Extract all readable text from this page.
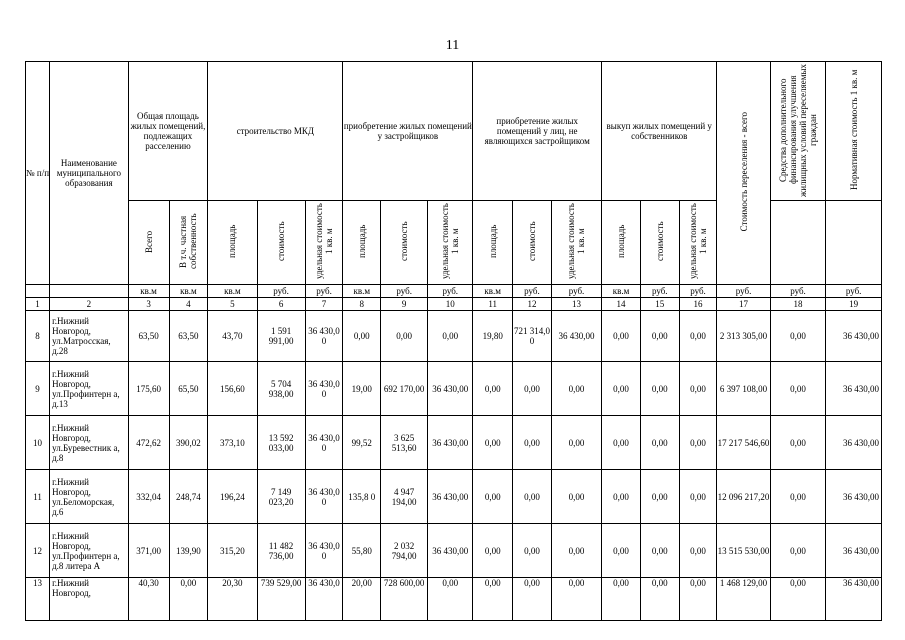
11
№ п/п	Наименование муниципального образования	Общая площадь жилых помещений, подлежащих расселению		строительство МКД			приобретение жилых помещений у застройщиков			приобретение жилых помещений у лиц, не являющихся застройщиком			выкуп жилых помещений у собственников			Стоимость переселения - всего	Средства дополнительного финансирования улучшения жилищных условий переселяемых граждан	Нормативная стоимость 1 кв. м
		Всего	В т.ч. частная собственность	площадь	стоимость	удельная стоимость 1 кв. м	площадь	стоимость	удельная стоимость 1 кв. м	площадь	стоимость	удельная стоимость 1 кв. м	площадь	стоимость	удельная стоимость 1 кв. м			
		кв.м	кв.м	кв.м	руб.	руб.	кв.м	руб.	руб.	кв.м	руб.	руб.	кв.м	руб.	руб.	руб.	руб.	руб.
1	2	3	4	5	6	7	8	9	10	11	12	13	14	15	16	17	18	19
8	г.Нижний Новгород, ул.Матросская, д.28	63,50	63,50	43,70	1 591 991,00	36 430,0 0	0,00	0,00	0,00	19,80	721 314,0 0	36 430,00	0,00	0,00	0,00	2 313 305,00	0,00	36 430,00
9	г.Нижний Новгород, ул.Профинтерн а, д.13	175,60	65,50	156,60	5 704 938,00	36 430,0 0	19,00	692 170,00	36 430,00	0,00	0,00	0,00	0,00	0,00	0,00	6 397 108,00	0,00	36 430,00
10	г.Нижний Новгород, ул.Буревестник а, д.8	472,62	390,02	373,10	13 592 033,00	36 430,0 0	99,52	3 625 513,60	36 430,00	0,00	0,00	0,00	0,00	0,00	0,00	17 217 546,60	0,00	36 430,00
11	г.Нижний Новгород, ул.Беломорская, д.6	332,04	248,74	196,24	7 149 023,20	36 430,0 0	135,8 0	4 947 194,00	36 430,00	0,00	0,00	0,00	0,00	0,00	0,00	12 096 217,20	0,00	36 430,00
12	г.Нижний Новгород, ул.Профинтерн а, д.8 литера А	371,00	139,90	315,20	11 482 736,00	36 430,0 0	55,80	2 032 794,00	36 430,00	0,00	0,00	0,00	0,00	0,00	0,00	13 515 530,00	0,00	36 430,00
13	г.Нижний Новгород,	40,30	0,00	20,30	739 529,00	36 430,0	20,00	728 600,00	0,00	0,00	0,00	0,00	0,00	0,00	0,00	1 468 129,00	0,00	36 430,00
